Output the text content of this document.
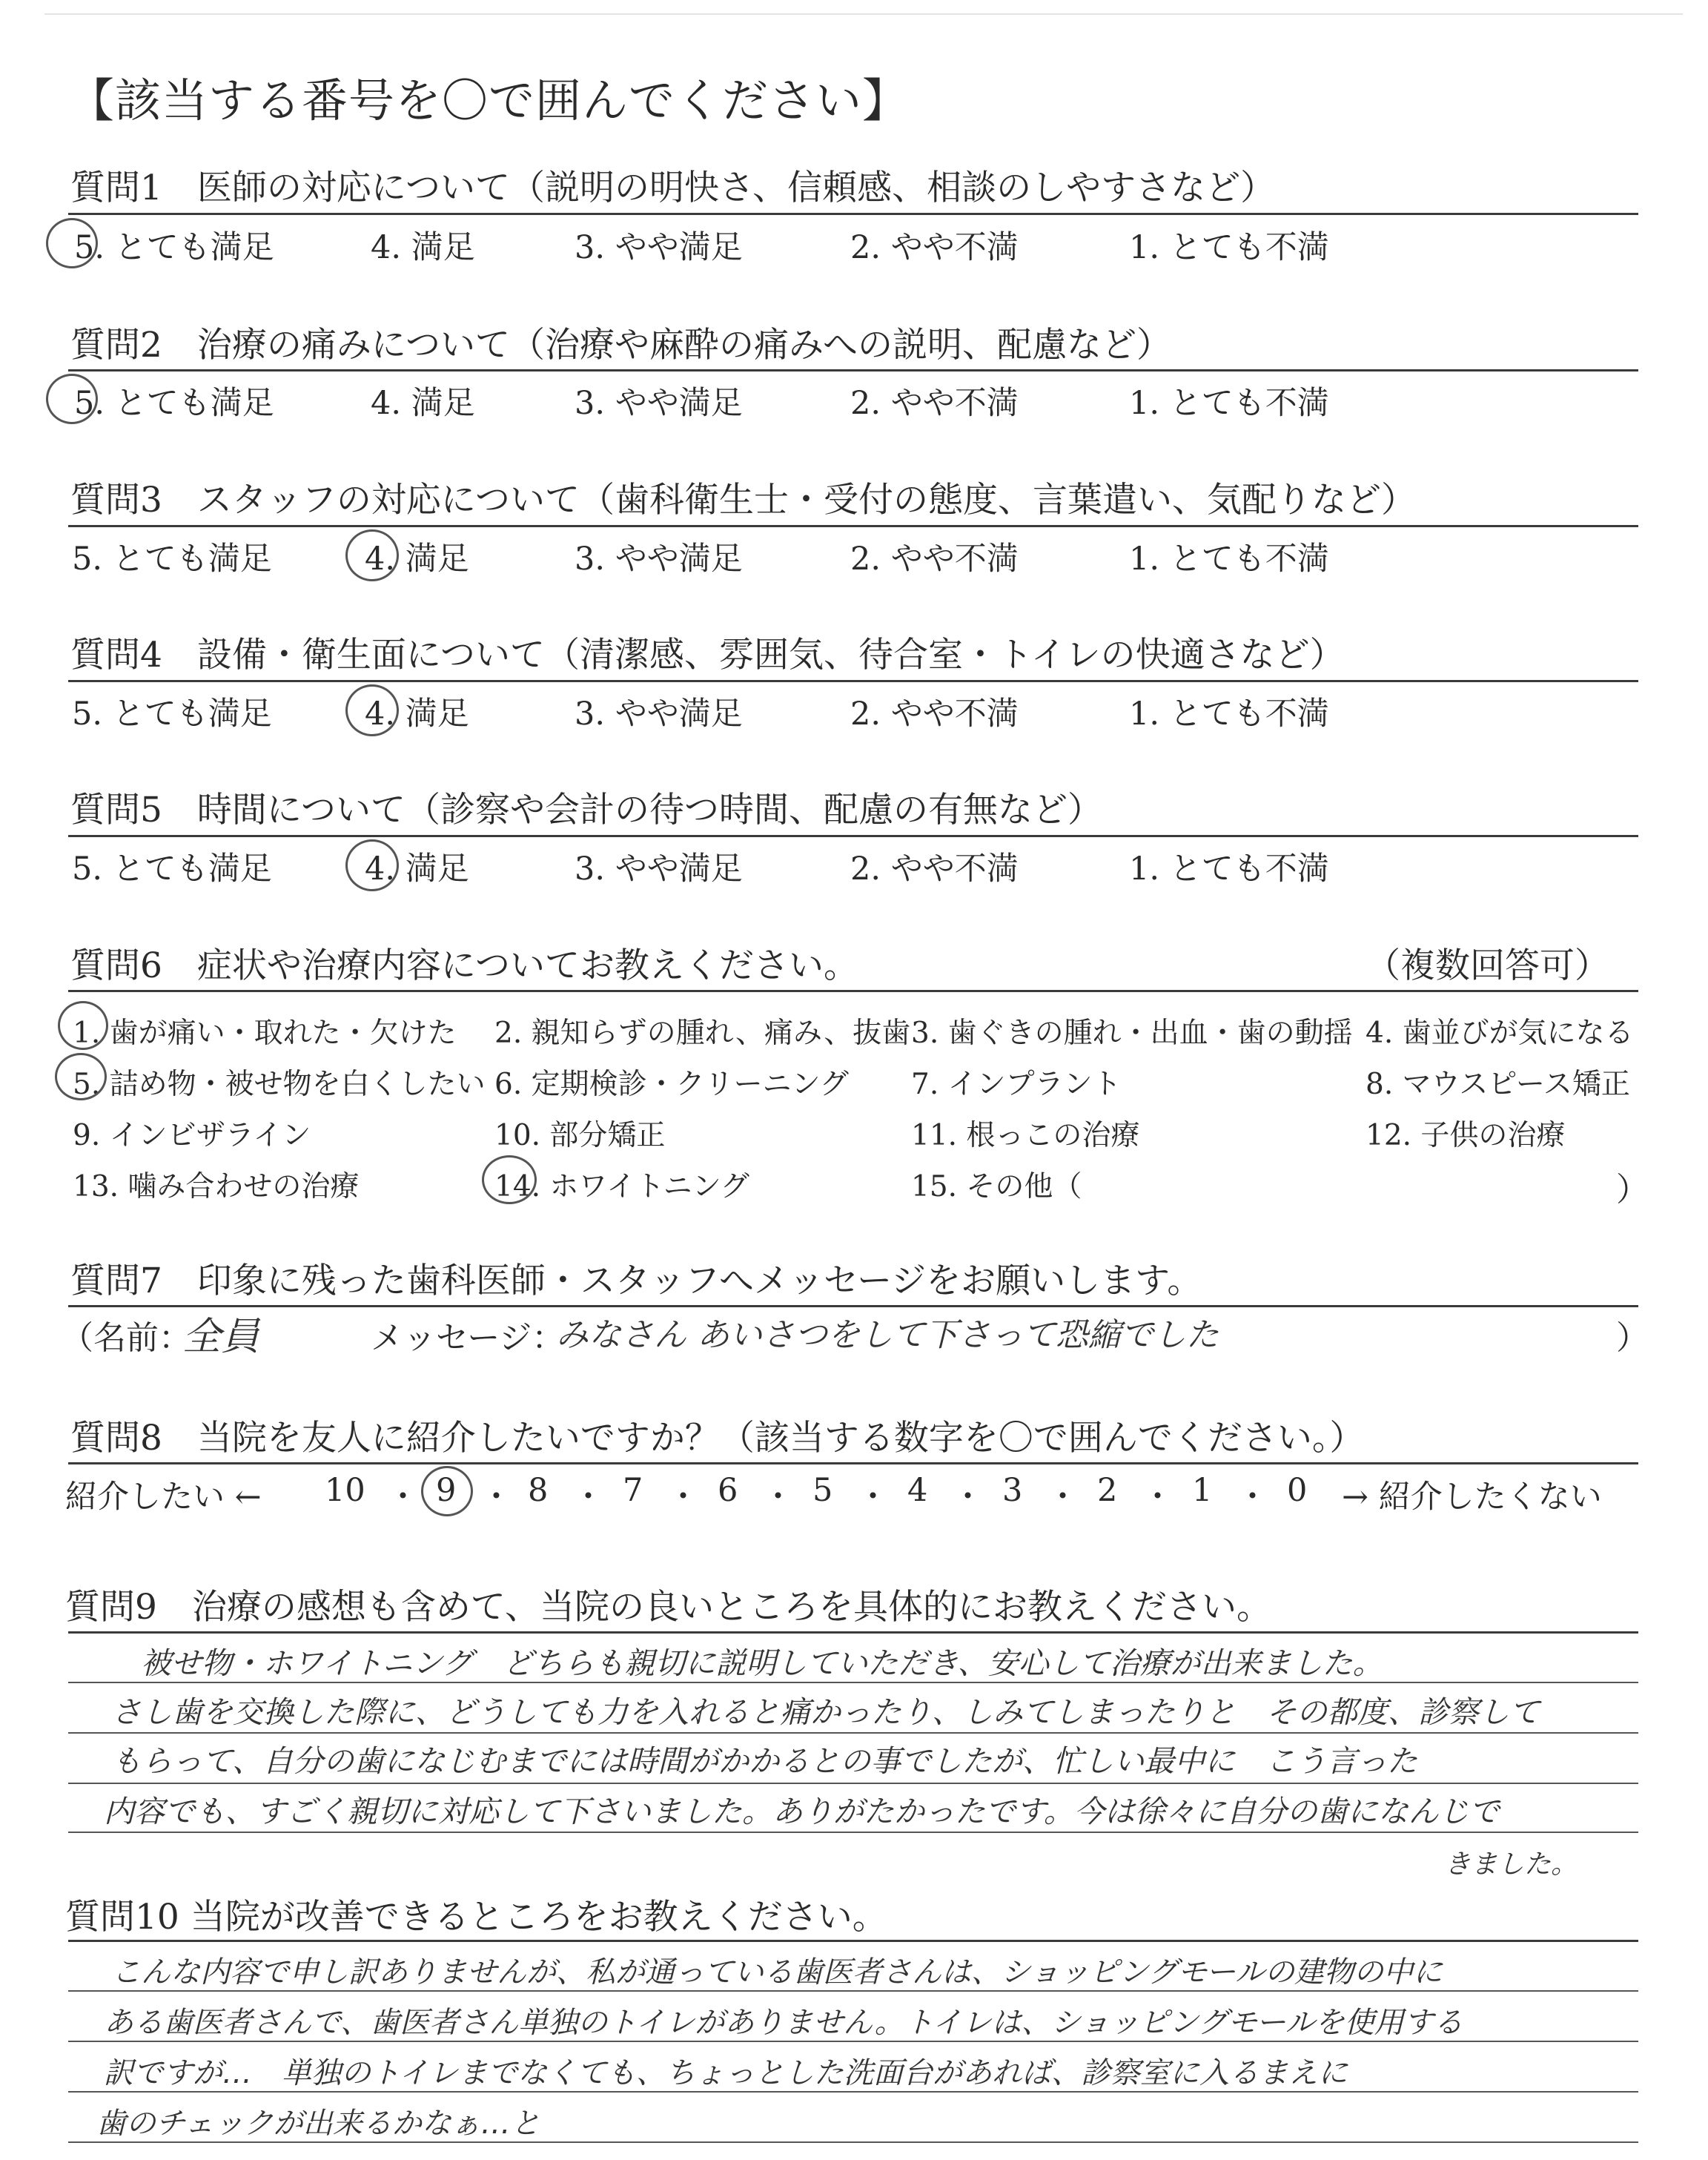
【該当する番号を〇で囲んでください】
質問1　医師の対応について（説明の明快さ、信頼感、相談のしやすさなど）
5. とても満足	4. 満足	3. やや満足	2. やや不満	1. とても不満
質問2　治療の痛みについて（治療や麻酔の痛みへの説明、配慮など）
5. とても満足	4. 満足	3. やや満足	2. やや不満	1. とても不満
質問3　スタッフの対応について（歯科衛生士・受付の態度、言葉遣い、気配りなど）
5. とても満足	4. 満足	3. やや満足	2. やや不満	1. とても不満
質問4　設備・衛生面について（清潔感、雰囲気、待合室・トイレの快適さなど）
5. とても満足	4. 満足	3. やや満足	2. やや不満	1. とても不満
質問5　時間について（診察や会計の待つ時間、配慮の有無など）
5. とても満足	4. 満足	3. やや満足	2. やや不満	1. とても不満
質問6　症状や治療内容についてお教えください。	（複数回答可）
1. 歯が痛い・取れた・欠けた 2. 親知らずの腫れ、痛み、抜歯 3. 歯ぐきの腫れ・出血・歯の動揺 4. 歯並びが気になる
5. 詰め物・被せ物を白くしたい 6. 定期検診・クリーニング 7. インプラント	8. マウスピース矯正
9. インビザライン	10. 部分矯正	11. 根っこの治療	12. 子供の治療
13. 噛み合わせの治療	14. ホワイトニング	15. その他（	）
質問7　印象に残った歯科医師・スタッフへメッセージをお願いします。
（名前：
全員	メッセージ：
みなさん あいさつをして下さって恐縮でした	）
質問8　当院を友人に紹介したいですか？（該当する数字を〇で囲んでください。）
紹介したい ← 10 ・ 9 ・ 8 ・ 7 ・ 6 ・ 5 ・ 4 ・ 3 ・ 2 ・ 1 ・ 0 → 紹介したくない
質問9　治療の感想も含めて、当院の良いところを具体的にお教えください。
被せ物・ホワイトニング　どちらも親切に説明していただき、安心して治療が出来ました。
さし歯を交換した際に、どうしても力を入れると痛かったり、しみてしまったりと　その都度、診察して
もらって、自分の歯になじむまでには時間がかかるとの事でしたが、忙しい最中に　こう言った
内容でも、すごく親切に対応して下さいました。ありがたかったです。今は徐々に自分の歯になんじで
きました。
質問10 当院が改善できるところをお教えください。
こんな内容で申し訳ありませんが、私が通っている歯医者さんは、ショッピングモールの建物の中に
ある歯医者さんで、歯医者さん単独のトイレがありません。トイレは、ショッピングモールを使用する
訳ですが…　単独のトイレまでなくても、ちょっとした洗面台があれば、診察室に入るまえに
歯のチェックが出来るかなぁ…と
